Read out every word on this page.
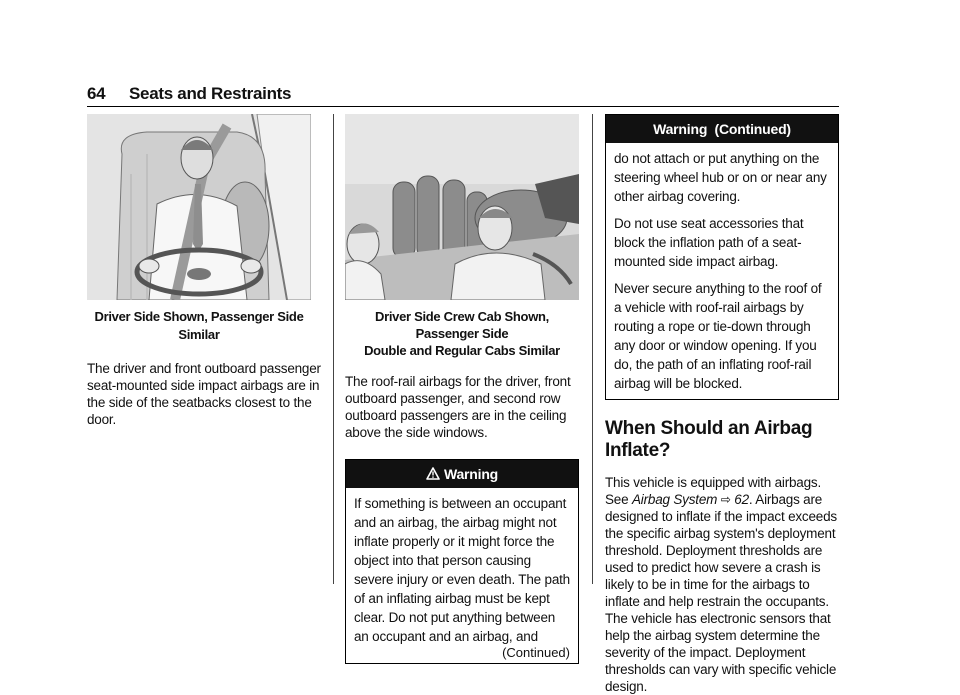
64 Seats and Restraints
Driver Side Shown, Passenger Side Similar

The driver and front outboard passenger seat-mounted side impact airbags are in the side of the seatbacks closest to the door.

Driver Side Crew Cab Shown, Passenger Side
Double and Regular Cabs Similar

The roof-rail airbags for the driver, front outboard passenger, and second row outboard passengers are in the ceiling above the side windows.

Warning

If something is between an occupant and an airbag, the airbag might not inflate properly or it might force the object into that person causing severe injury or even death. The path of an inflating airbag must be kept clear. Do not put anything between an occupant and an airbag, and

(Continued)
Warning  (Continued)

do not attach or put anything on the steering wheel hub or on or near any other airbag covering.

Do not use seat accessories that block the inflation path of a seat-mounted side impact airbag.

Never secure anything to the roof of a vehicle with roof-rail airbags by routing a rope or tie-down through any door or window opening. If you do, the path of an inflating roof-rail airbag will be blocked.

When Should an Airbag Inflate?

This vehicle is equipped with airbags. See Airbag System ⇨ 62. Airbags are designed to inflate if the impact exceeds the specific airbag system's deployment threshold. Deployment thresholds are used to predict how severe a crash is likely to be in time for the airbags to inflate and help restrain the occupants. The vehicle has electronic sensors that help the airbag system determine the severity of the impact. Deployment thresholds can vary with specific vehicle design.
